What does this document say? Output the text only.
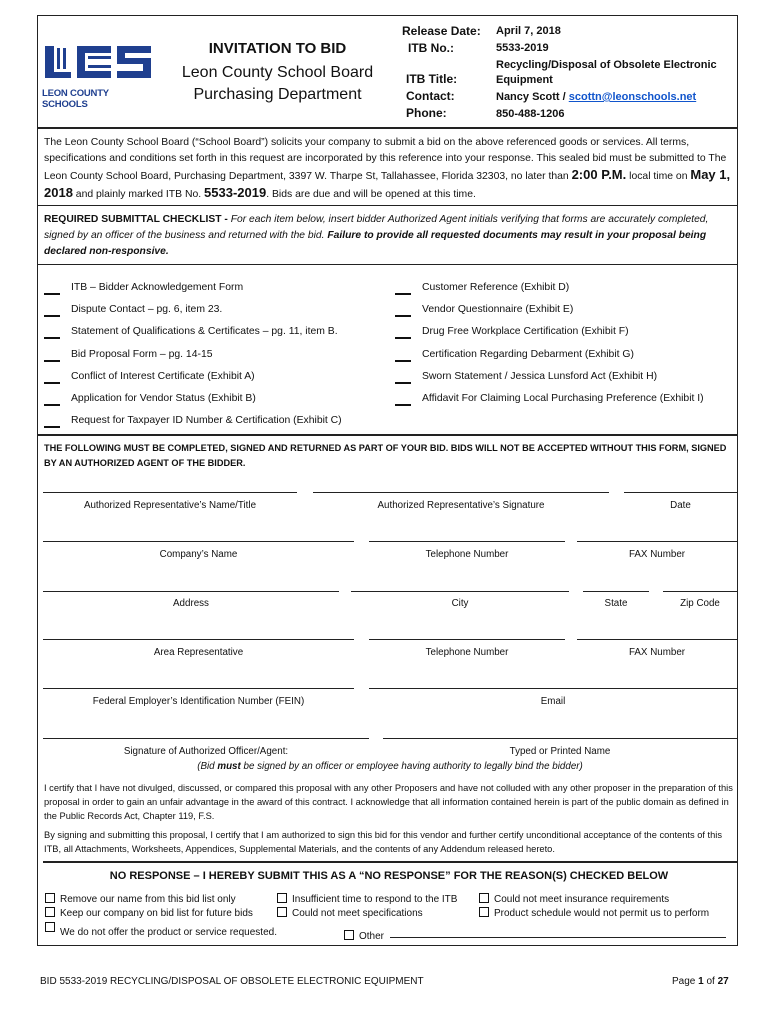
LEON COUNTY SCHOOLS
INVITATION TO BID
Leon County School Board
Purchasing Department
Release Date: April 7, 2018
ITB No.:	5533-2019
ITB Title:
Recycling/Disposal of Obsolete Electronic Equipment
Contact:	Nancy Scott / scottn@leonschools.net
Phone:	850-488-1206
The Leon County School Board (“School Board”) solicits your company to submit a bid on the above referenced goods or services. All terms, specifications and conditions set forth in this request are incorporated by this reference into your response. This sealed bid must be submitted to The Leon County School Board, Purchasing Department, 3397 W. Tharpe St, Tallahassee, Florida 32303, no later than 2:00 P.M. local time on May 1, 2018 and plainly marked ITB No. 5533-2019. Bids are due and will be opened at this time.
REQUIRED SUBMITTAL CHECKLIST - For each item below, insert bidder Authorized Agent initials verifying that forms are accurately completed, signed by an officer of the business and returned with the bid. Failure to provide all requested documents may result in your proposal being declared non-responsive.
ITB – Bidder Acknowledgement Form
Dispute Contact – pg. 6, item 23.
Statement of Qualifications & Certificates – pg. 11, item B.
Bid Proposal Form – pg. 14-15
Conflict of Interest Certificate (Exhibit A)
Application for Vendor Status (Exhibit B)
Request for Taxpayer ID Number & Certification (Exhibit C)
Customer Reference (Exhibit D)
Vendor Questionnaire (Exhibit E)
Drug Free Workplace Certification (Exhibit F)
Certification Regarding Debarment (Exhibit G)
Sworn Statement / Jessica Lunsford Act (Exhibit H)
Affidavit For Claiming Local Purchasing Preference (Exhibit I)
THE FOLLOWING MUST BE COMPLETED, SIGNED AND RETURNED AS PART OF YOUR BID. BIDS WILL NOT BE ACCEPTED WITHOUT THIS FORM, SIGNED BY AN AUTHORIZED AGENT OF THE BIDDER.
Authorized Representative’s Name/Title	Authorized Representative’s Signature	Date
Company’s Name	Telephone Number	FAX Number
Address	City	State	Zip Code
Area Representative	Telephone Number	FAX Number
Federal Employer’s Identification Number (FEIN)	Email
Signature of Authorized Officer/Agent:	Typed or Printed Name
(Bid must be signed by an officer or employee having authority to legally bind the bidder)
I certify that I have not divulged, discussed, or compared this proposal with any other Proposers and have not colluded with any other proposer in the preparation of this proposal in order to gain an unfair advantage in the award of this contract. I acknowledge that all information contained herein is part of the public domain as defined in the Public Records Act, Chapter 119, F.S.
By signing and submitting this proposal, I certify that I am authorized to sign this bid for this vendor and further certify unconditional acceptance of the contents of this ITB, all Attachments, Worksheets, Appendices, Supplemental Materials, and the contents of any Addendum released hereto.
NO RESPONSE – I HEREBY SUBMIT THIS AS A “NO RESPONSE” FOR THE REASON(S) CHECKED BELOW
Remove our name from this bid list only
Keep our company on bid list for future bids
We do not offer the product or service requested.
Insufficient time to respond to the ITB
Could not meet specifications
Other
Could not meet insurance requirements
Product schedule would not permit us to perform
BID 5533-2019 RECYCLING/DISPOSAL OF OBSOLETE ELECTRONIC EQUIPMENT	Page 1 of 27
